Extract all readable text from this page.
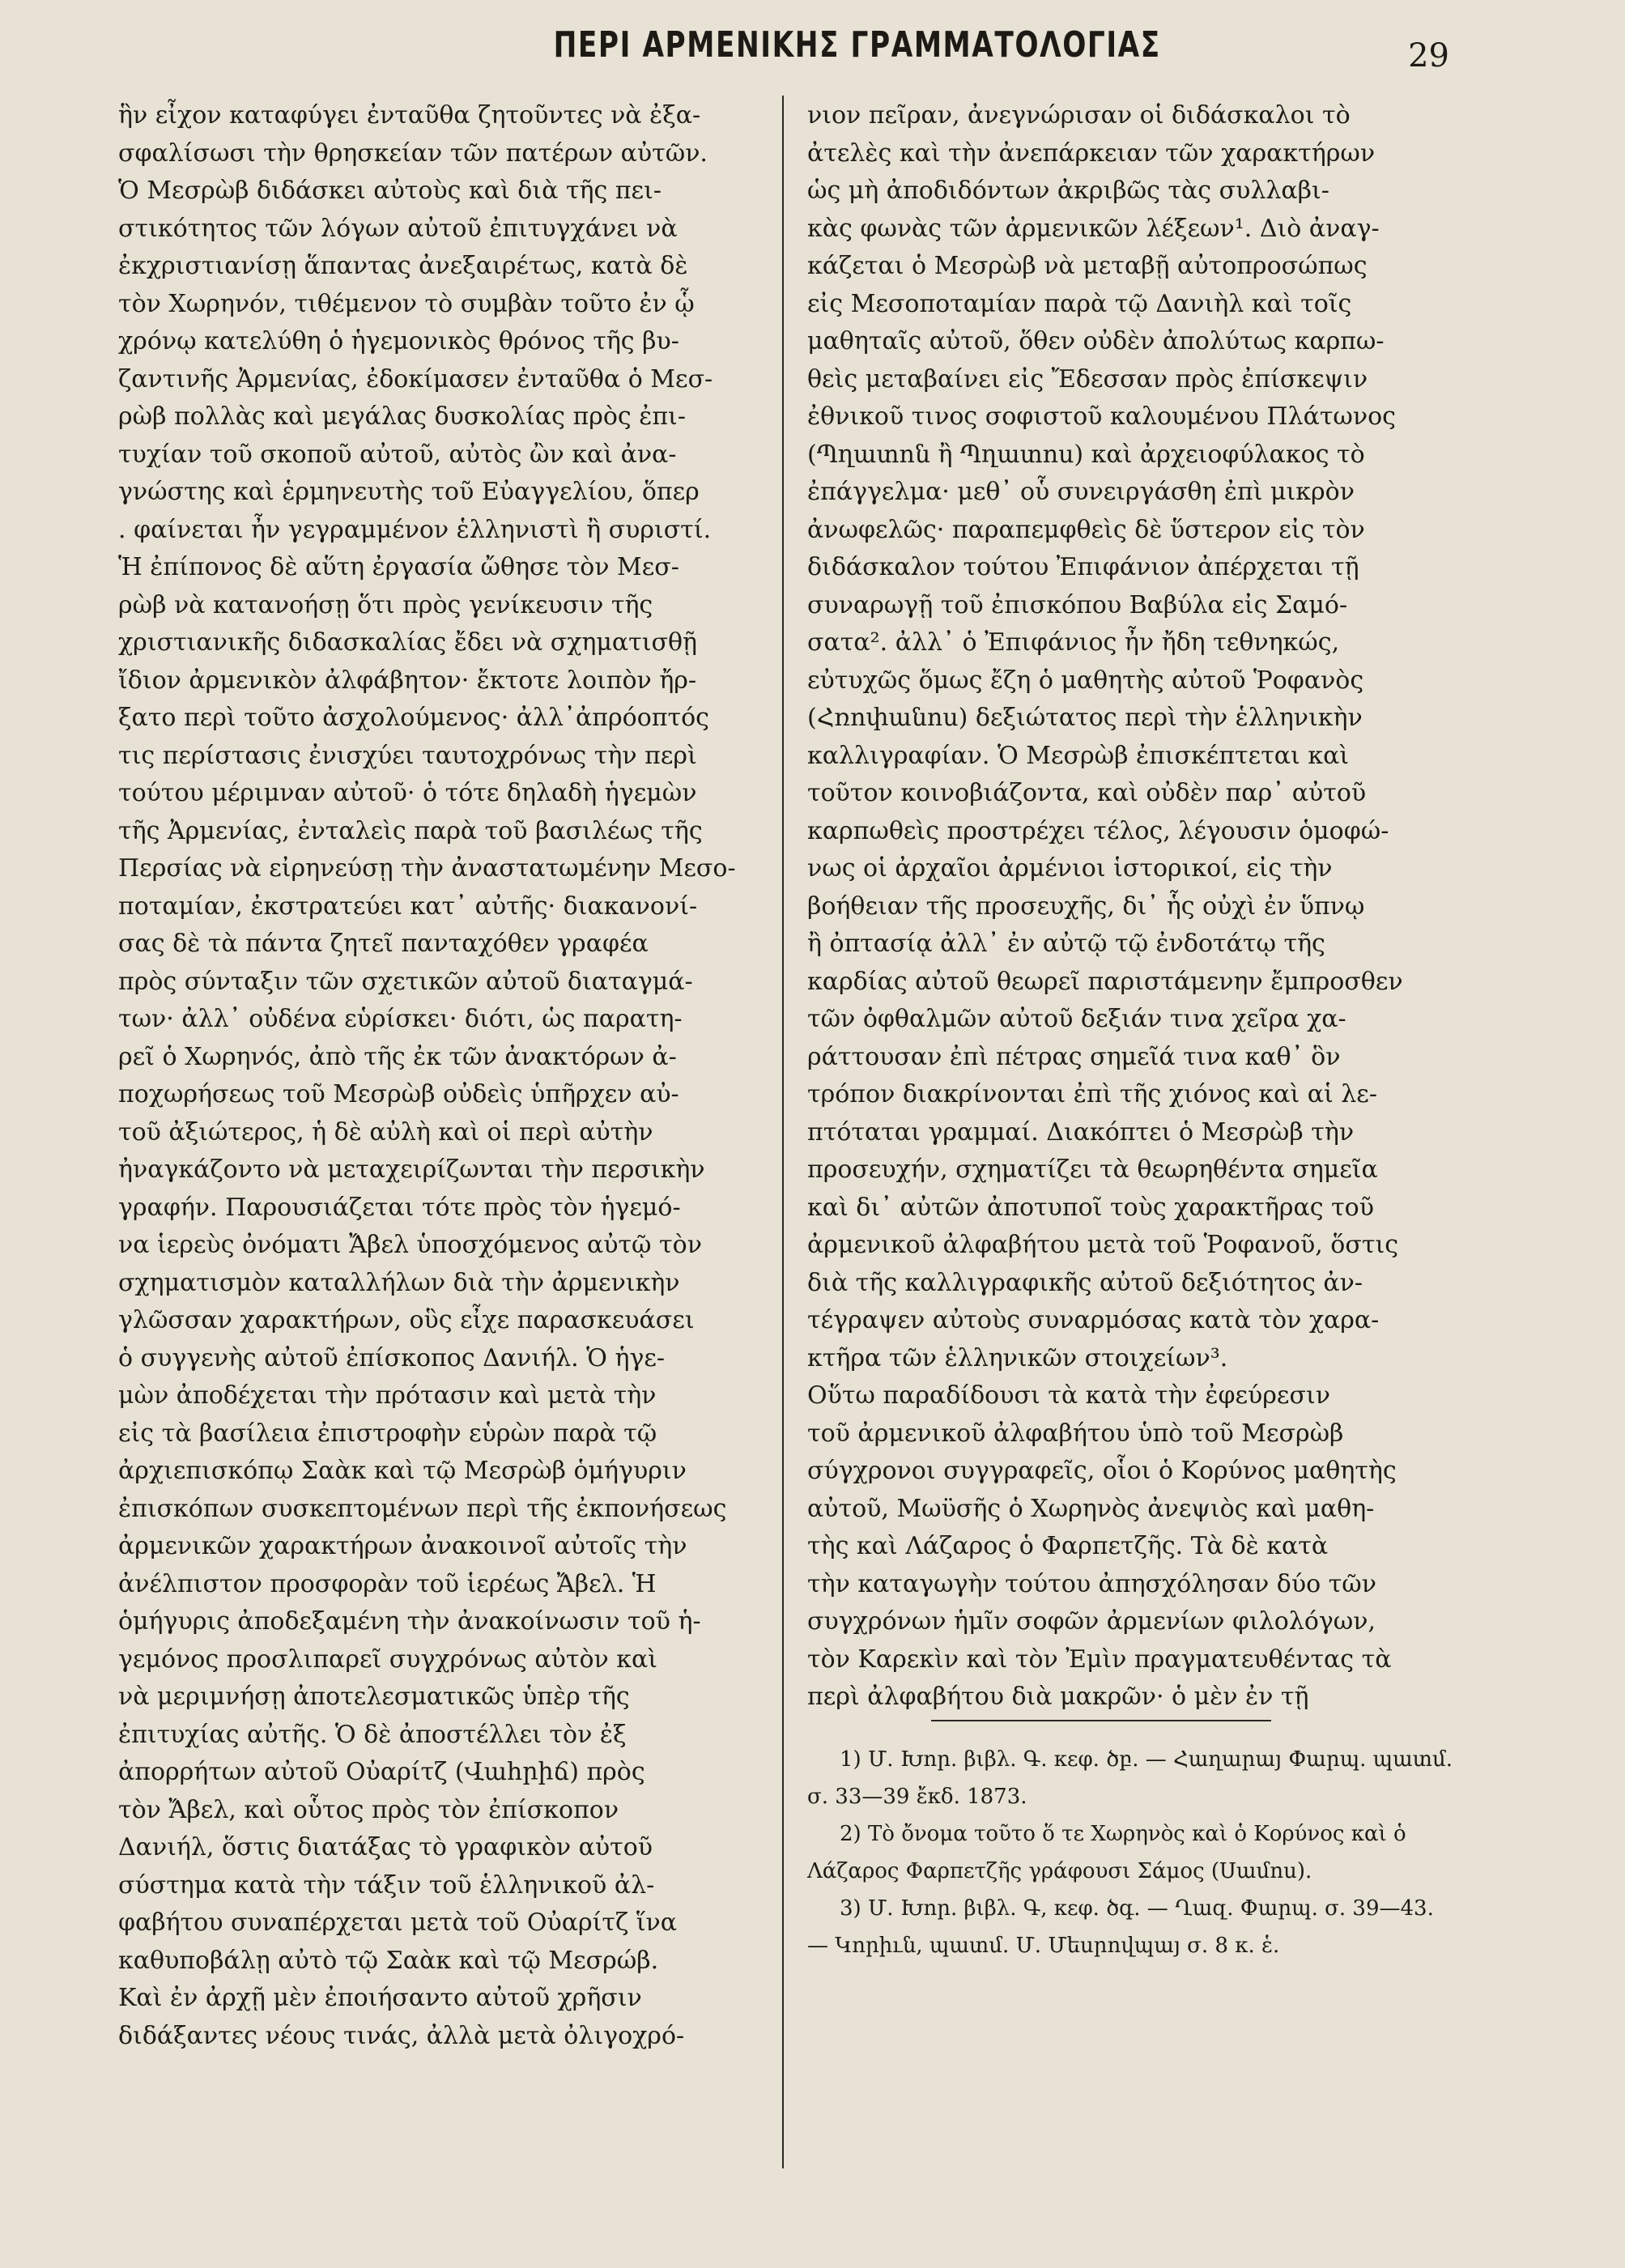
ΠΕΡΙ ΑΡΜΕΝΙΚΗΣ ΓΡΑΜΜΑΤΟΛΟΓΙΑΣ	29
ἣν εἶχον καταφύγει ἐνταῦθα ζητοῦντες νὰ ἐξα-
σφαλίσωσι τὴν θρησκείαν τῶν πατέρων αὐτῶν.
Ὁ Μεσρὼβ διδάσκει αὐτοὺς καὶ διὰ τῆς πει-
στικότητος τῶν λόγων αὐτοῦ ἐπιτυγχάνει νὰ
ἐκχριστιανίσῃ ἅπαντας ἀνεξαιρέτως, κατὰ δὲ
τὸν Χωρηνόν, τιθέμενον τὸ συμβὰν τοῦτο ἐν ᾧ
χρόνῳ κατελύθη ὁ ἡγεμονικὸς θρόνος τῆς βυ-
ζαντινῆς Ἀρμενίας, ἐδοκίμασεν ἐνταῦθα ὁ Μεσ-
ρὼβ πολλὰς καὶ μεγάλας δυσκολίας πρὸς ἐπι-
τυχίαν τοῦ σκοποῦ αὐτοῦ, αὐτὸς ὢν καὶ ἀνα-
γνώστης καὶ ἑρμηνευτὴς τοῦ Εὐαγγελίου, ὅπερ
. φαίνεται ἦν γεγραμμένον ἑλληνιστὶ ἢ συριστί.
Ἡ ἐπίπονος δὲ αὕτη ἐργασία ὤθησε τὸν Μεσ-
ρὼβ νὰ κατανοήσῃ ὅτι πρὸς γενίκευσιν τῆς
χριστιανικῆς διδασκαλίας ἔδει νὰ σχηματισθῇ
ἴδιον ἀρμενικὸν ἀλφάβητον· ἔκτοτε λοιπὸν ἤρ-
ξατο περὶ τοῦτο ἀσχολούμενος· ἀλλ᾽ἀπρόοπτός
τις περίστασις ἐνισχύει ταυτοχρόνως τὴν περὶ
τούτου μέριμναν αὐτοῦ· ὁ τότε δηλαδὴ ἡγεμὼν
τῆς Ἀρμενίας, ἐνταλεὶς παρὰ τοῦ βασιλέως τῆς
Περσίας νὰ εἰρηνεύσῃ τὴν ἀναστατωμένην Μεσο-
ποταμίαν, ἐκστρατεύει κατ᾽ αὐτῆς· διακανονί-
σας δὲ τὰ πάντα ζητεῖ πανταχόθεν γραφέα
πρὸς σύνταξιν τῶν σχετικῶν αὐτοῦ διαταγμά-
των· ἀλλ᾽ οὐδένα εὑρίσκει· διότι, ὡς παρατη-
ρεῖ ὁ Χωρηνός, ἀπὸ τῆς ἐκ τῶν ἀνακτόρων ἀ-
ποχωρήσεως τοῦ Μεσρὼβ οὐδεὶς ὑπῆρχεν αὐ-
τοῦ ἀξιώτερος, ἡ δὲ αὐλὴ καὶ οἱ περὶ αὐτὴν
ἠναγκάζοντο νὰ μεταχειρίζωνται τὴν περσικὴν
γραφήν. Παρουσιάζεται τότε πρὸς τὸν ἡγεμό-
να ἱερεὺς ὀνόματι Ἄβελ ὑποσχόμενος αὐτῷ τὸν
σχηματισμὸν καταλλήλων διὰ τὴν ἀρμενικὴν
γλῶσσαν χαρακτήρων, οὓς εἶχε παρασκευάσει
ὁ συγγενὴς αὐτοῦ ἐπίσκοπος Δανιήλ. Ὁ ἡγε-
μὼν ἀποδέχεται τὴν πρότασιν καὶ μετὰ τὴν
εἰς τὰ βασίλεια ἐπιστροφὴν εὑρὼν παρὰ τῷ
ἀρχιεπισκόπῳ Σαὰκ καὶ τῷ Μεσρὼβ ὁμήγυριν
ἐπισκόπων συσκεπτομένων περὶ τῆς ἐκπονήσεως
ἀρμενικῶν χαρακτήρων ἀνακοινοῖ αὐτοῖς τὴν
ἀνέλπιστον προσφορὰν τοῦ ἱερέως Ἄβελ. Ἡ
ὁμήγυρις ἀποδεξαμένη τὴν ἀνακοίνωσιν τοῦ ἡ-
γεμόνος προσλιπαρεῖ συγχρόνως αὐτὸν καὶ
νὰ μεριμνήσῃ ἀποτελεσματικῶς ὑπὲρ τῆς
ἐπιτυχίας αὐτῆς. Ὁ δὲ ἀποστέλλει τὸν ἐξ
ἀπορρήτων αὐτοῦ Οὐαρίτζ (Վահրիճ) πρὸς
τὸν Ἄβελ, καὶ οὗτος πρὸς τὸν ἐπίσκοπον
Δανιήλ, ὅστις διατάξας τὸ γραφικὸν αὐτοῦ
σύστημα κατὰ τὴν τάξιν τοῦ ἑλληνικοῦ ἀλ-
φαβήτου συναπέρχεται μετὰ τοῦ Οὐαρίτζ ἵνα
καθυποβάλῃ αὐτὸ τῷ Σαὰκ καὶ τῷ Μεσρώβ.
Καὶ ἐν ἀρχῇ μὲν ἐποιήσαντο αὐτοῦ χρῆσιν
διδάξαντες νέους τινάς, ἀλλὰ μετὰ ὀλιγοχρό-
νιον πεῖραν, ἀνεγνώρισαν οἱ διδάσκαλοι τὸ
ἀτελὲς καὶ τὴν ἀνεπάρκειαν τῶν χαρακτήρων
ὡς μὴ ἀποδιδόντων ἀκριβῶς τὰς συλλαβι-
κὰς φωνὰς τῶν ἀρμενικῶν λέξεων¹. Διὸ ἀναγ-
κάζεται ὁ Μεσρὼβ νὰ μεταβῇ αὐτοπροσώπως
εἰς Μεσοποταμίαν παρὰ τῷ Δανιὴλ καὶ τοῖς
μαθηταῖς αὐτοῦ, ὅθεν οὐδὲν ἀπολύτως καρπω-
θεὶς μεταβαίνει εἰς Ἔδεσσαν πρὸς ἐπίσκεψιν
ἐθνικοῦ τινος σοφιστοῦ καλουμένου Πλάτωνος
(Պղատոն ἢ Պղատոս) καὶ ἀρχειοφύλακος τὸ
ἐπάγγελμα· μεθ᾽ οὗ συνειργάσθη ἐπὶ μικρὸν
ἀνωφελῶς· παραπεμφθεὶς δὲ ὕστερον εἰς τὸν
διδάσκαλον τούτου Ἐπιφάνιον ἀπέρχεται τῇ
συναρωγῇ τοῦ ἐπισκόπου Βαβύλα εἰς Σαμό-
σατα². ἀλλ᾽ ὁ Ἐπιφάνιος ἦν ἤδη τεθνηκώς,
εὐτυχῶς ὅμως ἔζη ὁ μαθητὴς αὐτοῦ Ῥοφανὸς
(Հռոփանոս) δεξιώτατος περὶ τὴν ἑλληνικὴν
καλλιγραφίαν. Ὁ Μεσρὼβ ἐπισκέπτεται καὶ
τοῦτον κοινοβιάζοντα, καὶ οὐδὲν παρ᾽ αὐτοῦ
καρπωθεὶς προστρέχει τέλος, λέγουσιν ὁμοφώ-
νως οἱ ἀρχαῖοι ἀρμένιοι ἱστορικοί, εἰς τὴν
βοήθειαν τῆς προσευχῆς, δι᾽ ἧς οὐχὶ ἐν ὕπνῳ
ἢ ὀπτασίᾳ ἀλλ᾽ ἐν αὐτῷ τῷ ἐνδοτάτῳ τῆς
καρδίας αὐτοῦ θεωρεῖ παριστάμενην ἔμπροσθεν
τῶν ὀφθαλμῶν αὐτοῦ δεξιάν τινα χεῖρα χα-
ράττουσαν ἐπὶ πέτρας σημεῖά τινα καθ᾽ ὃν
τρόπον διακρίνονται ἐπὶ τῆς χιόνος καὶ αἱ λε-
πτόταται γραμμαί. Διακόπτει ὁ Μεσρὼβ τὴν
προσευχήν, σχηματίζει τὰ θεωρηθέντα σημεῖα
καὶ δι᾽ αὐτῶν ἀποτυποῖ τοὺς χαρακτῆρας τοῦ
ἀρμενικοῦ ἀλφαβήτου μετὰ τοῦ Ῥοφανοῦ, ὅστις
διὰ τῆς καλλιγραφικῆς αὐτοῦ δεξιότητος ἀν-
τέγραψεν αὐτοὺς συναρμόσας κατὰ τὸν χαρα-
κτῆρα τῶν ἑλληνικῶν στοιχείων³.
Οὕτω παραδίδουσι τὰ κατὰ τὴν ἐφεύρεσιν
τοῦ ἀρμενικοῦ ἀλφαβήτου ὑπὸ τοῦ Μεσρὼβ
σύγχρονοι συγγραφεῖς, οἷοι ὁ Κορύνος μαθητὴς
αὐτοῦ, Μωϋσῆς ὁ Χωρηνὸς ἀνεψιὸς καὶ μαθη-
τὴς καὶ Λάζαρος ὁ Φαρπετζῆς. Τὰ δὲ κατὰ
τὴν καταγωγὴν τούτου ἀπησχόλησαν δύο τῶν
συγχρόνων ἡμῖν σοφῶν ἀρμενίων φιλολόγων,
τὸν Καρεκὶν καὶ τὸν Ἐμὶν πραγματευθέντας τὰ
περὶ ἀλφαβήτου διὰ μακρῶν· ὁ μὲν ἐν τῇ
1) Մ. Խոր. βιβλ. Գ. κεφ. ծբ. — Հաղարայ Փարպ. պատմ. σ. 33—39 ἔκδ. 1873.
2) Τὸ ὄνομα τοῦτο ὅ τε Χωρηνὸς καὶ ὁ Κορύνος καὶ ὁ Λάζαρος Φαρπετζῆς γράφουσι Σάμος (Սամոս).
3) Մ. Խոր. βιβλ. Գ, κεφ. ծգ. — Ղազ. Փարպ. σ. 39—43. — Կորիւն, պատմ. Մ. Մեսրովպայ σ. 8 κ. ἑ.
